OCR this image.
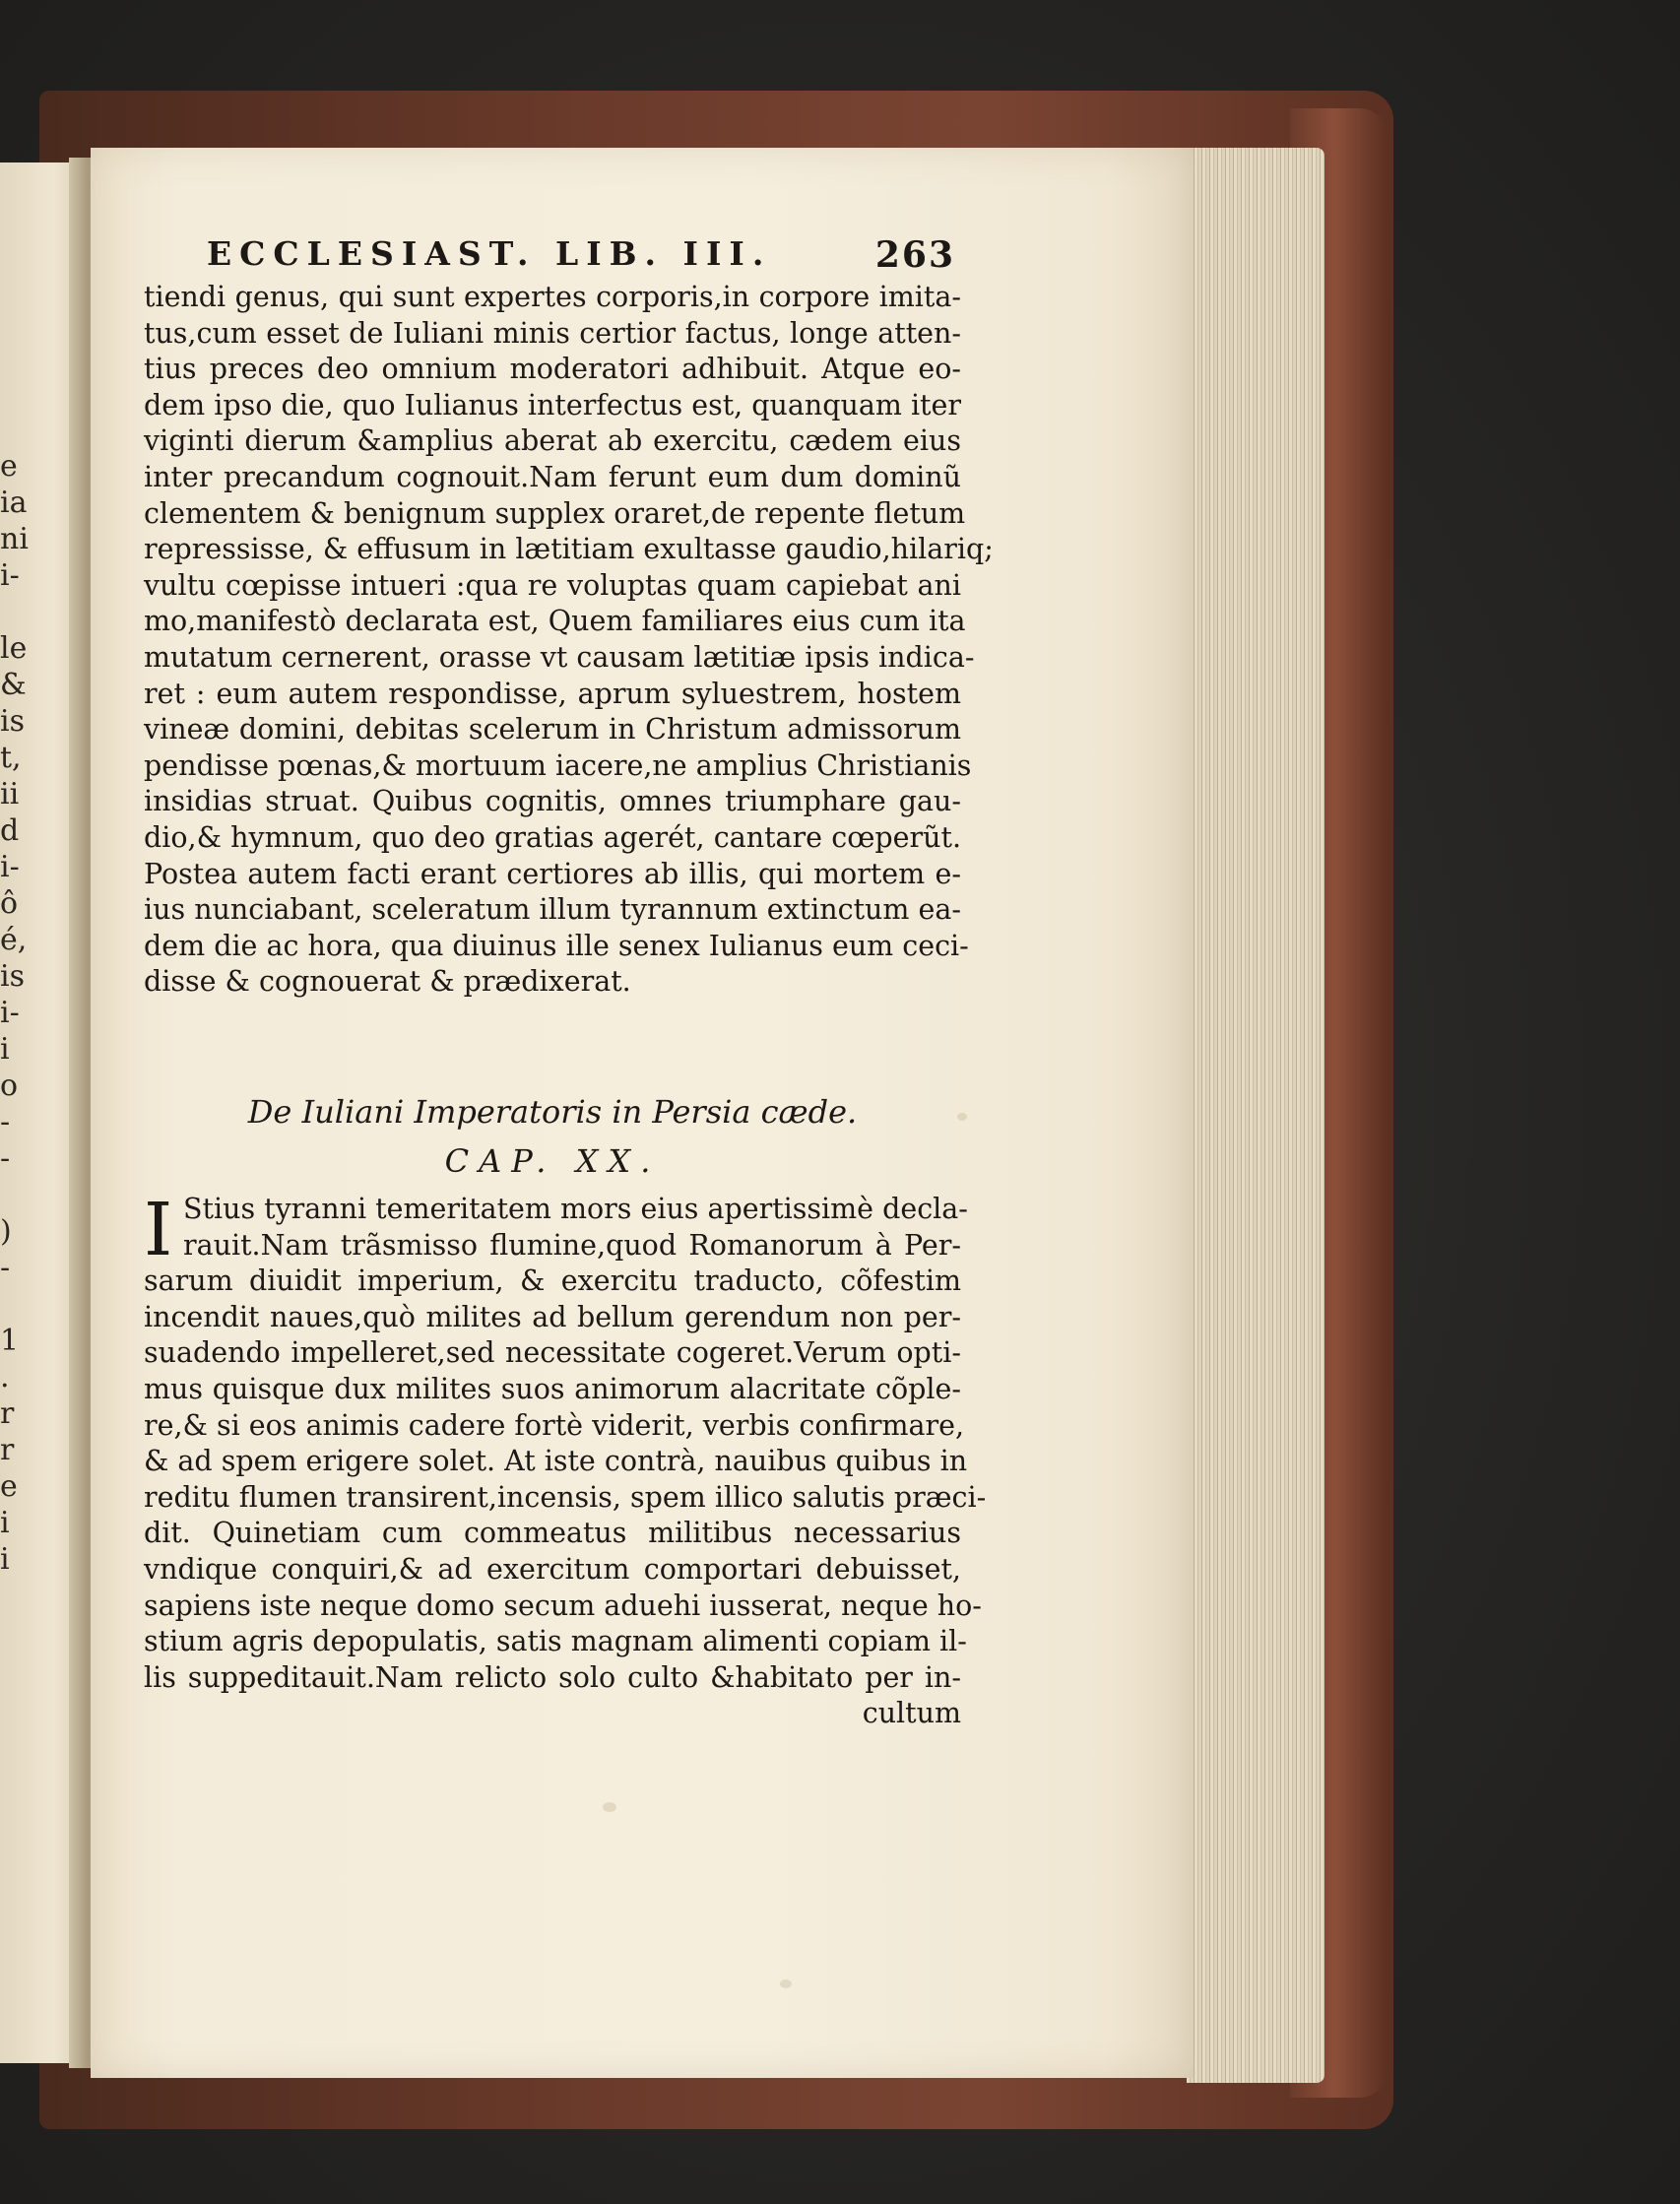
e
ia
ni
i-

le
&
is
t,
ii
d
i-
ô
é,
is
i-
i
o
-
-

)
-

1
.
r
r
e
i
i
ECCLESIAST. LIB. III.	263
tiendi genus, qui sunt expertes corporis,in corpore imita-
tus,cum esset de Iuliani minis certior factus, longe atten-
tius preces deo omnium moderatori adhibuit. Atque eo-
dem ipso die, quo Iulianus interfectus est, quanquam iter
viginti dierum &amplius aberat ab exercitu, cædem eius
inter precandum cognouit.Nam ferunt eum dum dominũ
clementem & benignum supplex oraret,de repente fletum
repressisse, & effusum in lætitiam exultasse gaudio,hilariq;
vultu cœpisse intueri :qua re voluptas quam capiebat ani
mo,manifestò declarata est, Quem familiares eius cum ita
mutatum cernerent, orasse vt causam lætitiæ ipsis indica-
ret : eum autem respondisse, aprum syluestrem, hostem
vineæ domini, debitas scelerum in Christum admissorum
pendisse pœnas,& mortuum iacere,ne amplius Christianis
insidias struat. Quibus cognitis, omnes triumphare gau-
dio,& hymnum, quo deo gratias agerét, cantare cœperũt.
Postea autem facti erant certiores ab illis, qui mortem e-
ius nunciabant, sceleratum illum tyrannum extinctum ea-
dem die ac hora, qua diuinus ille senex Iulianus eum ceci-
disse & cognouerat & prædixerat.
De Iuliani Imperatoris in Persia cæde.
CAP. XX.
I Stius tyranni temeritatem mors eius apertissimè decla-
rauit.Nam trãsmisso flumine,quod Romanorum à Per-
sarum diuidit imperium, & exercitu traducto, cõfestim
incendit naues,quò milites ad bellum gerendum non per-
suadendo impelleret,sed necessitate cogeret.Verum opti-
mus quisque dux milites suos animorum alacritate cõple-
re,& si eos animis cadere fortè viderit, verbis confirmare,
& ad spem erigere solet. At iste contrà, nauibus quibus in
reditu flumen transirent,incensis, spem illico salutis præci-
dit. Quinetiam cum commeatus militibus necessarius
vndique conquiri,& ad exercitum comportari debuisset,
sapiens iste neque domo secum aduehi iusserat, neque ho-
stium agris depopulatis, satis magnam alimenti copiam il-
lis suppeditauit.Nam relicto solo culto &habitato per in-
cultum
